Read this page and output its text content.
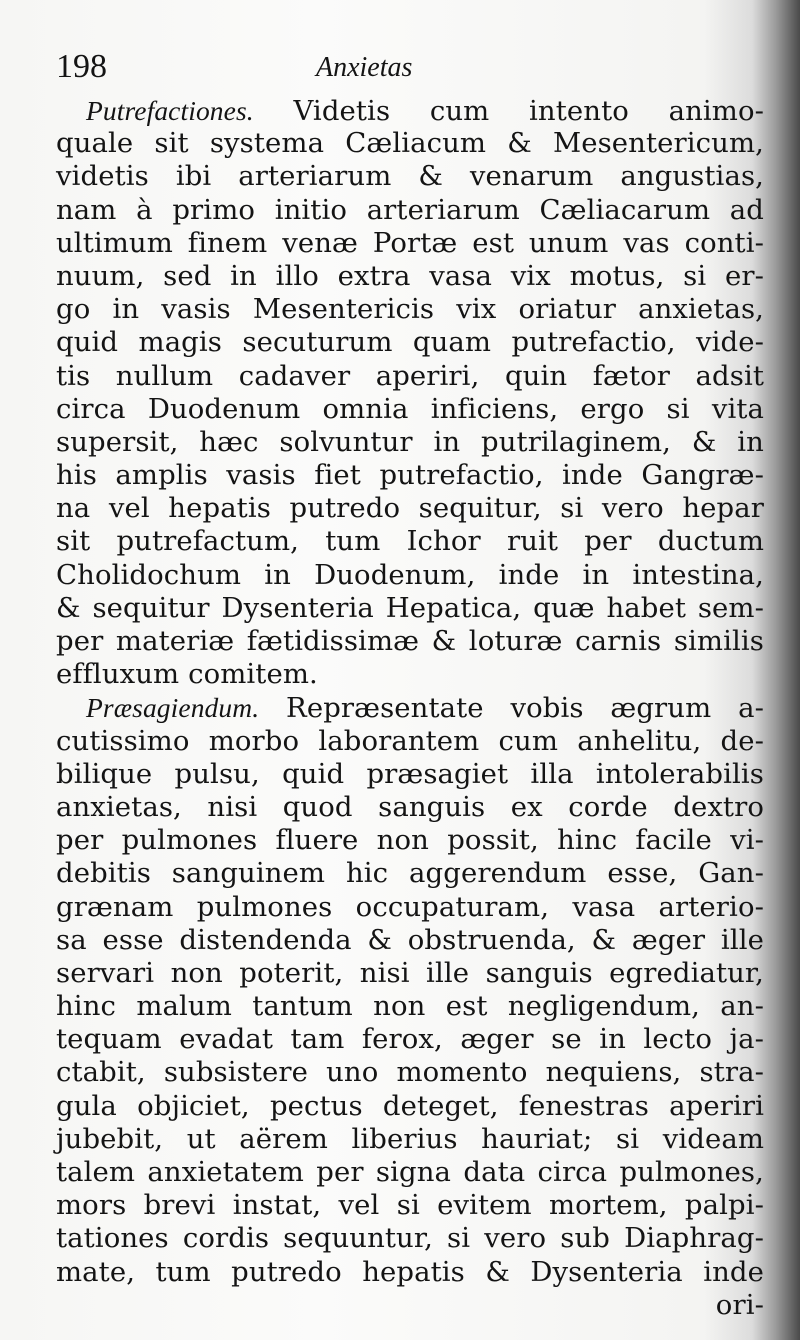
198	Anxietas
Putrefactiones. Videtis cum intento animo-
quale sit systema Cæliacum & Mesentericum,
videtis ibi arteriarum & venarum angustias,
nam à primo initio arteriarum Cæliacarum ad
ultimum finem venæ Portæ est unum vas conti-
nuum, sed in illo extra vasa vix motus, si er-
go in vasis Mesentericis vix oriatur anxietas,
quid magis secuturum quam putrefactio, vide-
tis nullum cadaver aperiri, quin fætor adsit
circa Duodenum omnia inficiens, ergo si vita
supersit, hæc solvuntur in putrilaginem, & in
his amplis vasis fiet putrefactio, inde Gangræ-
na vel hepatis putredo sequitur, si vero hepar
sit putrefactum, tum Ichor ruit per ductum
Cholidochum in Duodenum, inde in intestina,
& sequitur Dysenteria Hepatica, quæ habet sem-
per materiæ fætidissimæ & loturæ carnis similis
effluxum comitem.
Præsagiendum. Repræsentate vobis ægrum a-
cutissimo morbo laborantem cum anhelitu, de-
bilique pulsu, quid præsagiet illa intolerabilis
anxietas, nisi quod sanguis ex corde dextro
per pulmones fluere non possit, hinc facile vi-
debitis sanguinem hic aggerendum esse, Gan-
grænam pulmones occupaturam, vasa arterio-
sa esse distendenda & obstruenda, & æger ille
servari non poterit, nisi ille sanguis egrediatur,
hinc malum tantum non est negligendum, an-
tequam evadat tam ferox, æger se in lecto ja-
ctabit, subsistere uno momento nequiens, stra-
gula objiciet, pectus deteget, fenestras aperiri
jubebit, ut aërem liberius hauriat; si videam
talem anxietatem per signa data circa pulmones,
mors brevi instat, vel si evitem mortem, palpi-
tationes cordis sequuntur, si vero sub Diaphrag-
mate, tum putredo hepatis & Dysenteria inde
ori-
